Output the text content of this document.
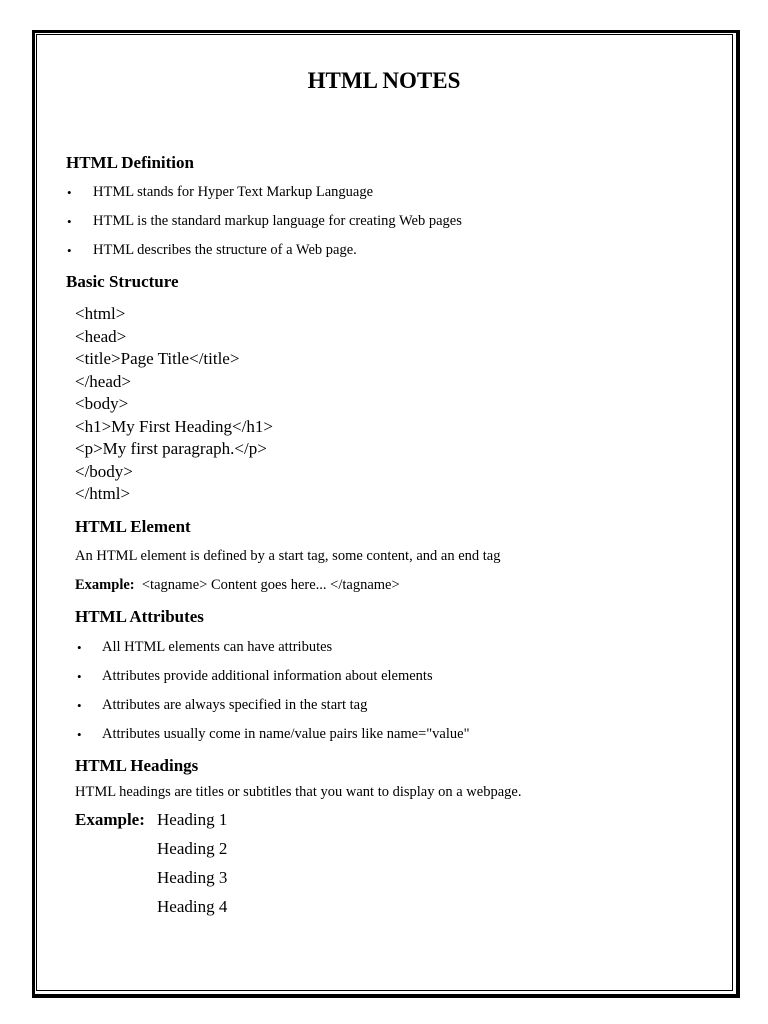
HTML NOTES
HTML Definition
• HTML stands for Hyper Text Markup Language
• HTML is the standard markup language for creating Web pages
• HTML describes the structure of a Web page.
Basic Structure
<html>
<head>
<title>Page Title</title>
</head>
<body>
<h1>My First Heading</h1>
<p>My first paragraph.</p>
</body>
</html>
HTML Element
An HTML element is defined by a start tag, some content, and an end tag
Example: <tagname> Content goes here... </tagname>
HTML Attributes
• All HTML elements can have attributes
• Attributes provide additional information about elements
• Attributes are always specified in the start tag
• Attributes usually come in name/value pairs like name="value"
HTML Headings
HTML headings are titles or subtitles that you want to display on a webpage.
Example: Heading 1
Heading 2
Heading 3
Heading 4
